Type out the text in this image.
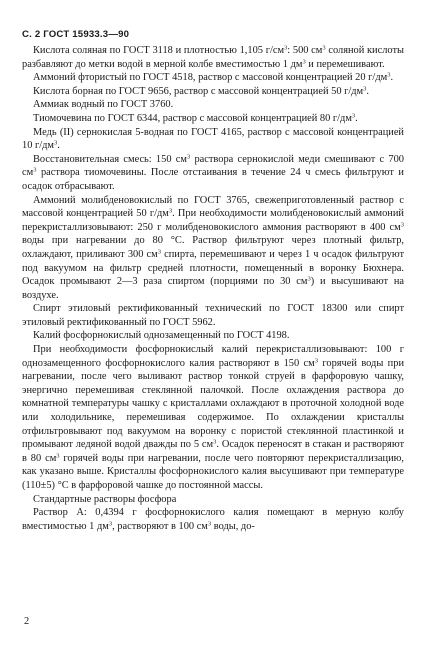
С. 2 ГОСТ 15933.3—90

Кислота соляная по ГОСТ 3118 и плотностью 1,105 $г/см^3$: 500 $см^3$ соляной кислоты разбавляют до метки водой в мерной колбе вместимостью 1 $дм^3$ и перемешивают.

Аммоний фтористый по ГОСТ 4518, раствор с массовой концентрацией 20 $г/дм^3$.

Кислота борная по ГОСТ 9656, раствор с массовой концентрацией 50 $г/дм^3$.

Аммиак водный по ГОСТ 3760.

Тиомочевина по ГОСТ 6344, раствор с массовой концентрацией 80 $г/дм^3$.

Медь (II) сернокислая 5-водная по ГОСТ 4165, раствор с массовой концентрацией 10 $г/дм^3$.

Восстановительная смесь: 150 $см^3$ раствора сернокислой меди смешивают с 700 $см^3$ раствора тиомочевины. После отстаивания в течение 24 ч смесь фильтруют и осадок отбрасывают.

Аммоний молибденовокислый по ГОСТ 3765, свежеприготовленный раствор с массовой концентрацией 50 $г/дм^3$. При необходимости молибденовокислый аммоний перекристаллизовывают: 250 г молибденовокислого аммония растворяют в 400 $см^3$ воды при нагревании до 80 °С. Раствор фильтруют через плотный фильтр, охлаждают, приливают 300 $см^3$ спирта, перемешивают и через 1 ч осадок фильтруют под вакуумом на фильтр средней плотности, помещенный в воронку Бюхнера. Осадок промывают 2—3 раза спиртом (порциями по 30 $см^3$) и высушивают на воздухе.

Спирт этиловый ректификованный технический по ГОСТ 18300 или спирт этиловый ректификованный по ГОСТ 5962.

Калий фосфорнокислый однозамещенный по ГОСТ 4198.

При необходимости фосфорнокислый калий перекристаллизовывают: 100 г однозамещенного фосфорнокислого калия растворяют в 150 $см^3$ горячей воды при нагревании, после чего выливают раствор тонкой струей в фарфоровую чашку, энергично перемешивая стеклянной палочкой. После охлаждения раствора до комнатной температуры чашку с кристаллами охлаждают в проточной холодной воде или холодильнике, перемешивая содержимое. По охлаждении кристаллы отфильтровывают под вакуумом на воронку с пористой стеклянной пластинкой и промывают ледяной водой дважды по 5 $см^3$. Осадок переносят в стакан и растворяют в 80 $см^3$ горячей воды при нагревании, после чего повторяют перекристаллизацию, как указано выше. Кристаллы фосфорнокислого калия высушивают при температуре (110±5) °С в фарфоровой чашке до постоянной массы.

Стандартные растворы фосфора

Раствор А: 0,4394 г фосфорнокислого калия помещают в мерную колбу вместимостью 1 $дм^3$, растворяют в 100 $см^3$ воды, до-

2
